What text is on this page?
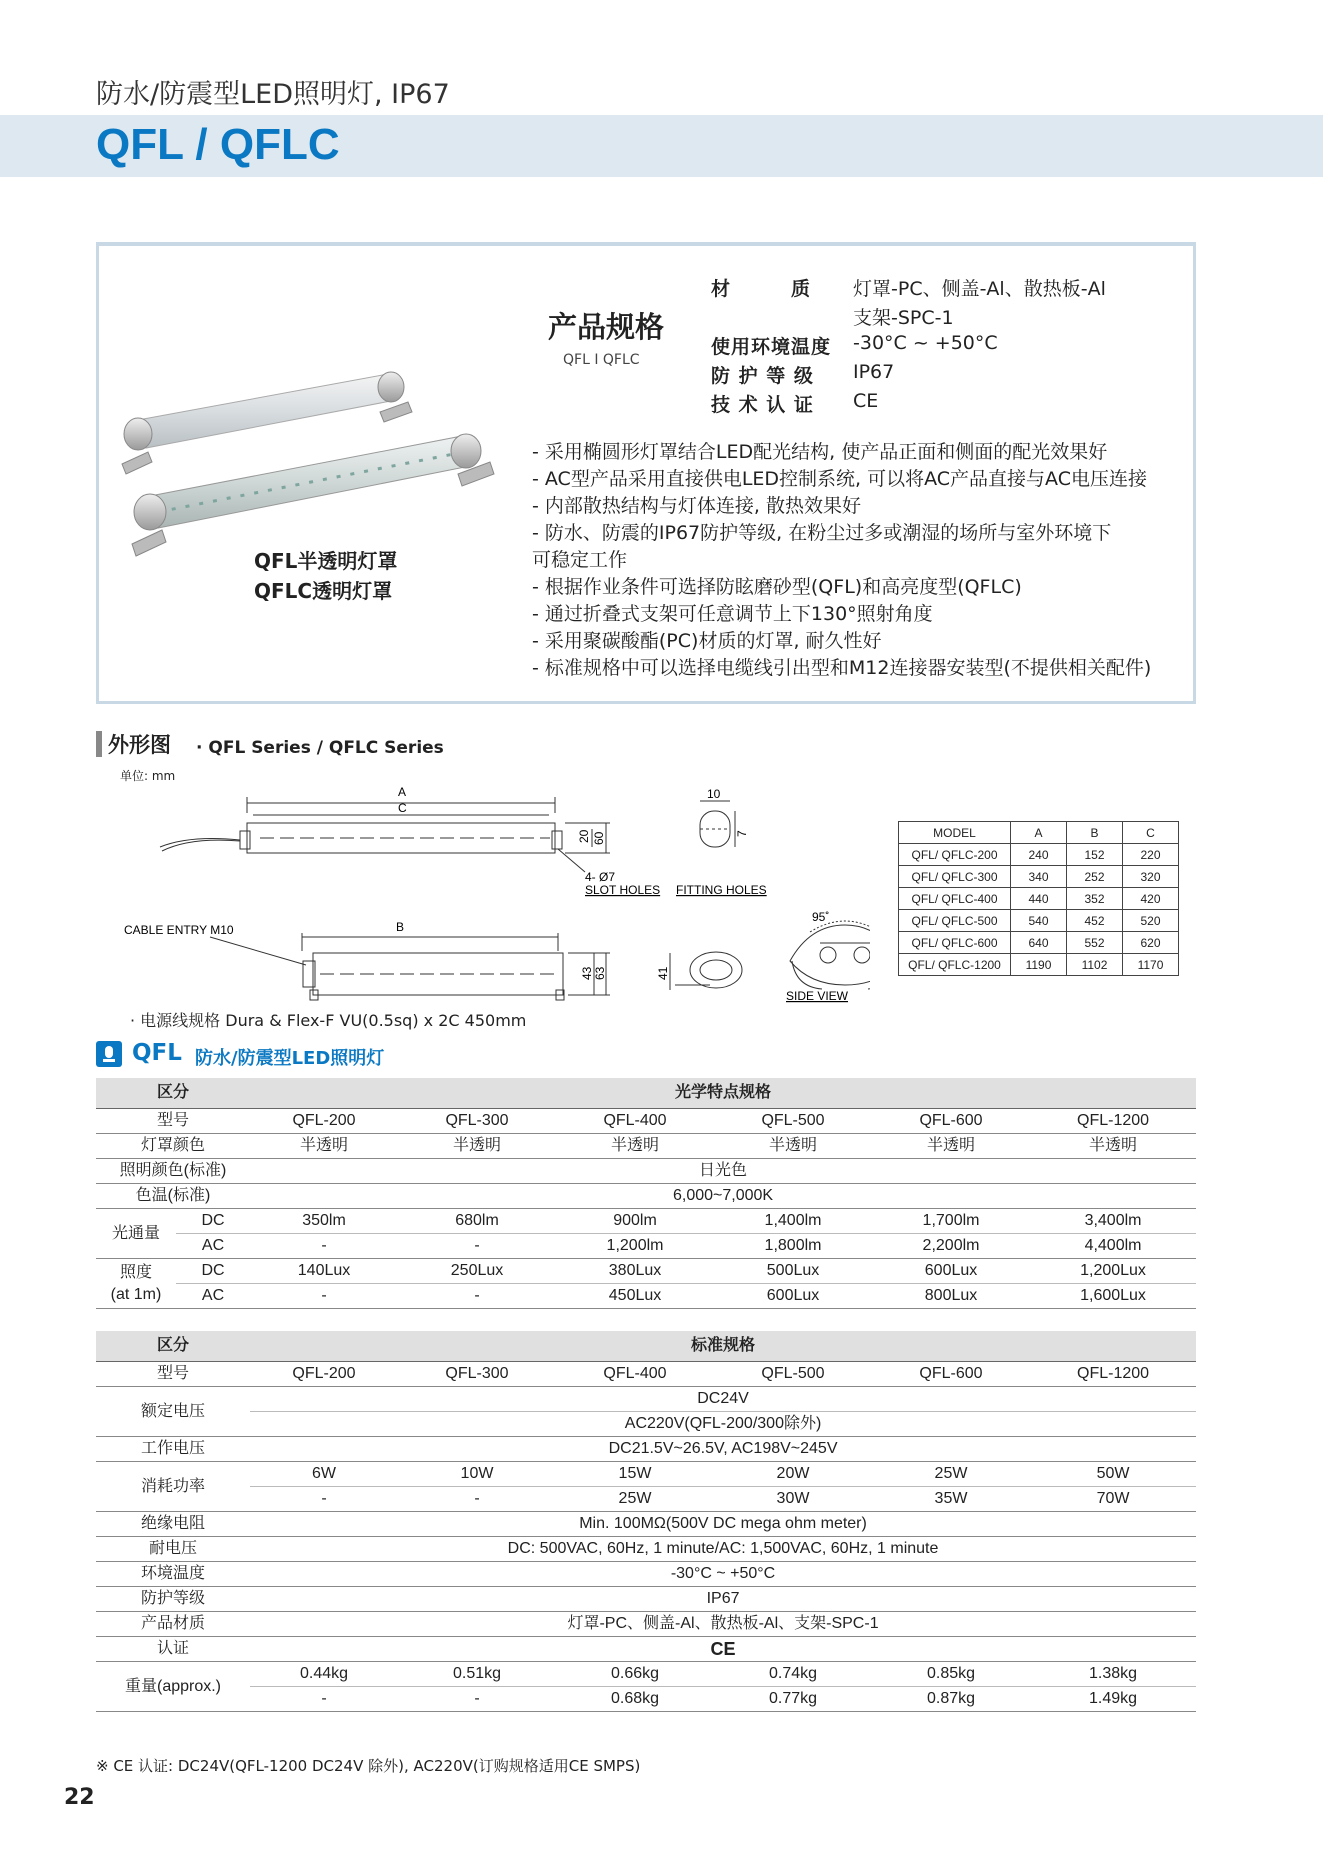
防水/防震型LED照明灯, IP67
QFL / QFLC
QFL半透明灯罩
QFLC透明灯罩
产品规格
QFL Ⅰ QFLC
材　　　质 灯罩-PC、侧盖-Al、散热板-Al
支架-SPC-1
使用环境温度 -30°C ~ +50°C
防 护 等 级 IP67
技 术 认 证 CE
- 采用椭圆形灯罩结合LED配光结构, 使产品正面和侧面的配光效果好
- AC型产品采用直接供电LED控制系统, 可以将AC产品直接与AC电压连接
- 内部散热结构与灯体连接, 散热效果好
- 防水、防震的IP67防护等级, 在粉尘过多或潮湿的场所与室外环境下
可稳定工作
- 根据作业条件可选择防眩磨砂型(QFL)和高亮度型(QFLC)
- 通过折叠式支架可任意调节上下130°照射角度
- 采用聚碳酸酯(PC)材质的灯罩, 耐久性好
- 标准规格中可以选择电缆线引出型和M12连接器安装型(不提供相关配件)
外形图 · QFL Series / QFLC Series
单位: mm
A
C
20 60
10
7
4- Ø7
SLOT HOLES FITTING HOLES
CABLE ENTRY M10	B
43 63	41
95˚
SIDE VIEW
MODEL	A	B	C
QFL/ QFLC-200	240	152	220
QFL/ QFLC-300	340	252	320
QFL/ QFLC-400	440	352	420
QFL/ QFLC-500	540	452	520
QFL/ QFLC-600	640	552	620
QFL/ QFLC-1200	1190	1102	1170
· 电源线规格 Dura & Flex-F VU(0.5sq) x 2C 450mm
QFL 防水/防震型LED照明灯
区分		光学特点规格					
型号		QFL-200	QFL-300	QFL-400	QFL-500	QFL-600	QFL-1200
灯罩颜色		半透明	半透明	半透明	半透明	半透明	半透明
照明颜色(标准)		日光色					
色温(标准)		6,000~7,000K					
光通量	DC	350lm	680lm	900lm	1,400lm	1,700lm	3,400lm
	AC	-	-	1,200lm	1,800lm	2,200lm	4,400lm
照度
(at 1m)	DC	140Lux	250Lux	380Lux	500Lux	600Lux	1,200Lux
	AC	-	-	450Lux	600Lux	800Lux	1,600Lux
区分	标准规格					
型号	QFL-200	QFL-300	QFL-400	QFL-500	QFL-600	QFL-1200
额定电压	DC24V					
	AC220V(QFL-200/300除外)					
工作电压	DC21.5V~26.5V, AC198V~245V					
消耗功率	6W	10W	15W	20W	25W	50W
	-	-	25W	30W	35W	70W
绝缘电阻	Min. 100MΩ(500V DC mega ohm meter)					
耐电压	DC: 500VAC, 60Hz, 1 minute/AC: 1,500VAC, 60Hz, 1 minute					
环境温度	-30°C ~ +50°C					
防护等级	IP67					
产品材质	灯罩-PC、侧盖-Al、散热板-Al、支架-SPC-1					
认证	CE					
重量(approx.)	0.44kg	0.51kg	0.66kg	0.74kg	0.85kg	1.38kg
	-	-	0.68kg	0.77kg	0.87kg	1.49kg
※ CE 认证: DC24V(QFL-1200 DC24V 除外), AC220V(订购规格适用CE SMPS)
22
